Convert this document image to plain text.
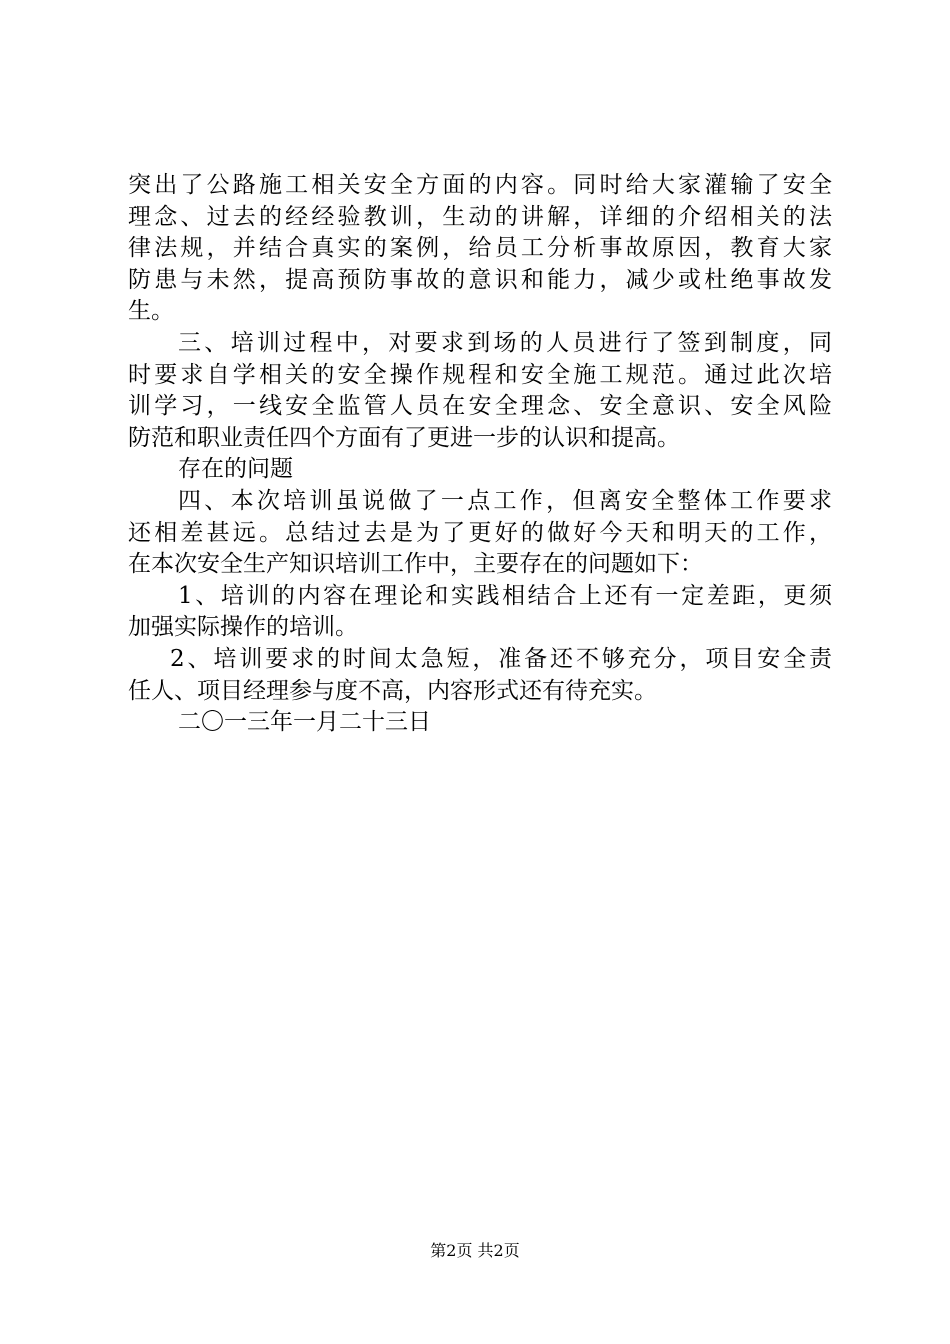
突出了公路施工相关安全方面的内容。同时给大家灌输了安全

理念、过去的经经验教训，生动的讲解，详细的介绍相关的法

律法规，并结合真实的案例，给员工分析事故原因，教育大家

防患与未然，提高预防事故的意识和能力，减少或杜绝事故发

生。

三、培训过程中，对要求到场的人员进行了签到制度，同

时要求自学相关的安全操作规程和安全施工规范。通过此次培

训学习，一线安全监管人员在安全理念、安全意识、安全风险

防范和职业责任四个方面有了更进一步的认识和提高。

存在的问题

四、本次培训虽说做了一点工作，但离安全整体工作要求

还相差甚远。总结过去是为了更好的做好今天和明天的工作，

在本次安全生产知识培训工作中，主要存在的问题如下：

1、培训的内容在理论和实践相结合上还有一定差距，更须

加强实际操作的培训。

2、培训要求的时间太急短，准备还不够充分，项目安全责

任人、项目经理参与度不高，内容形式还有待充实。

二〇一三年一月二十三日

第2页 共2页
